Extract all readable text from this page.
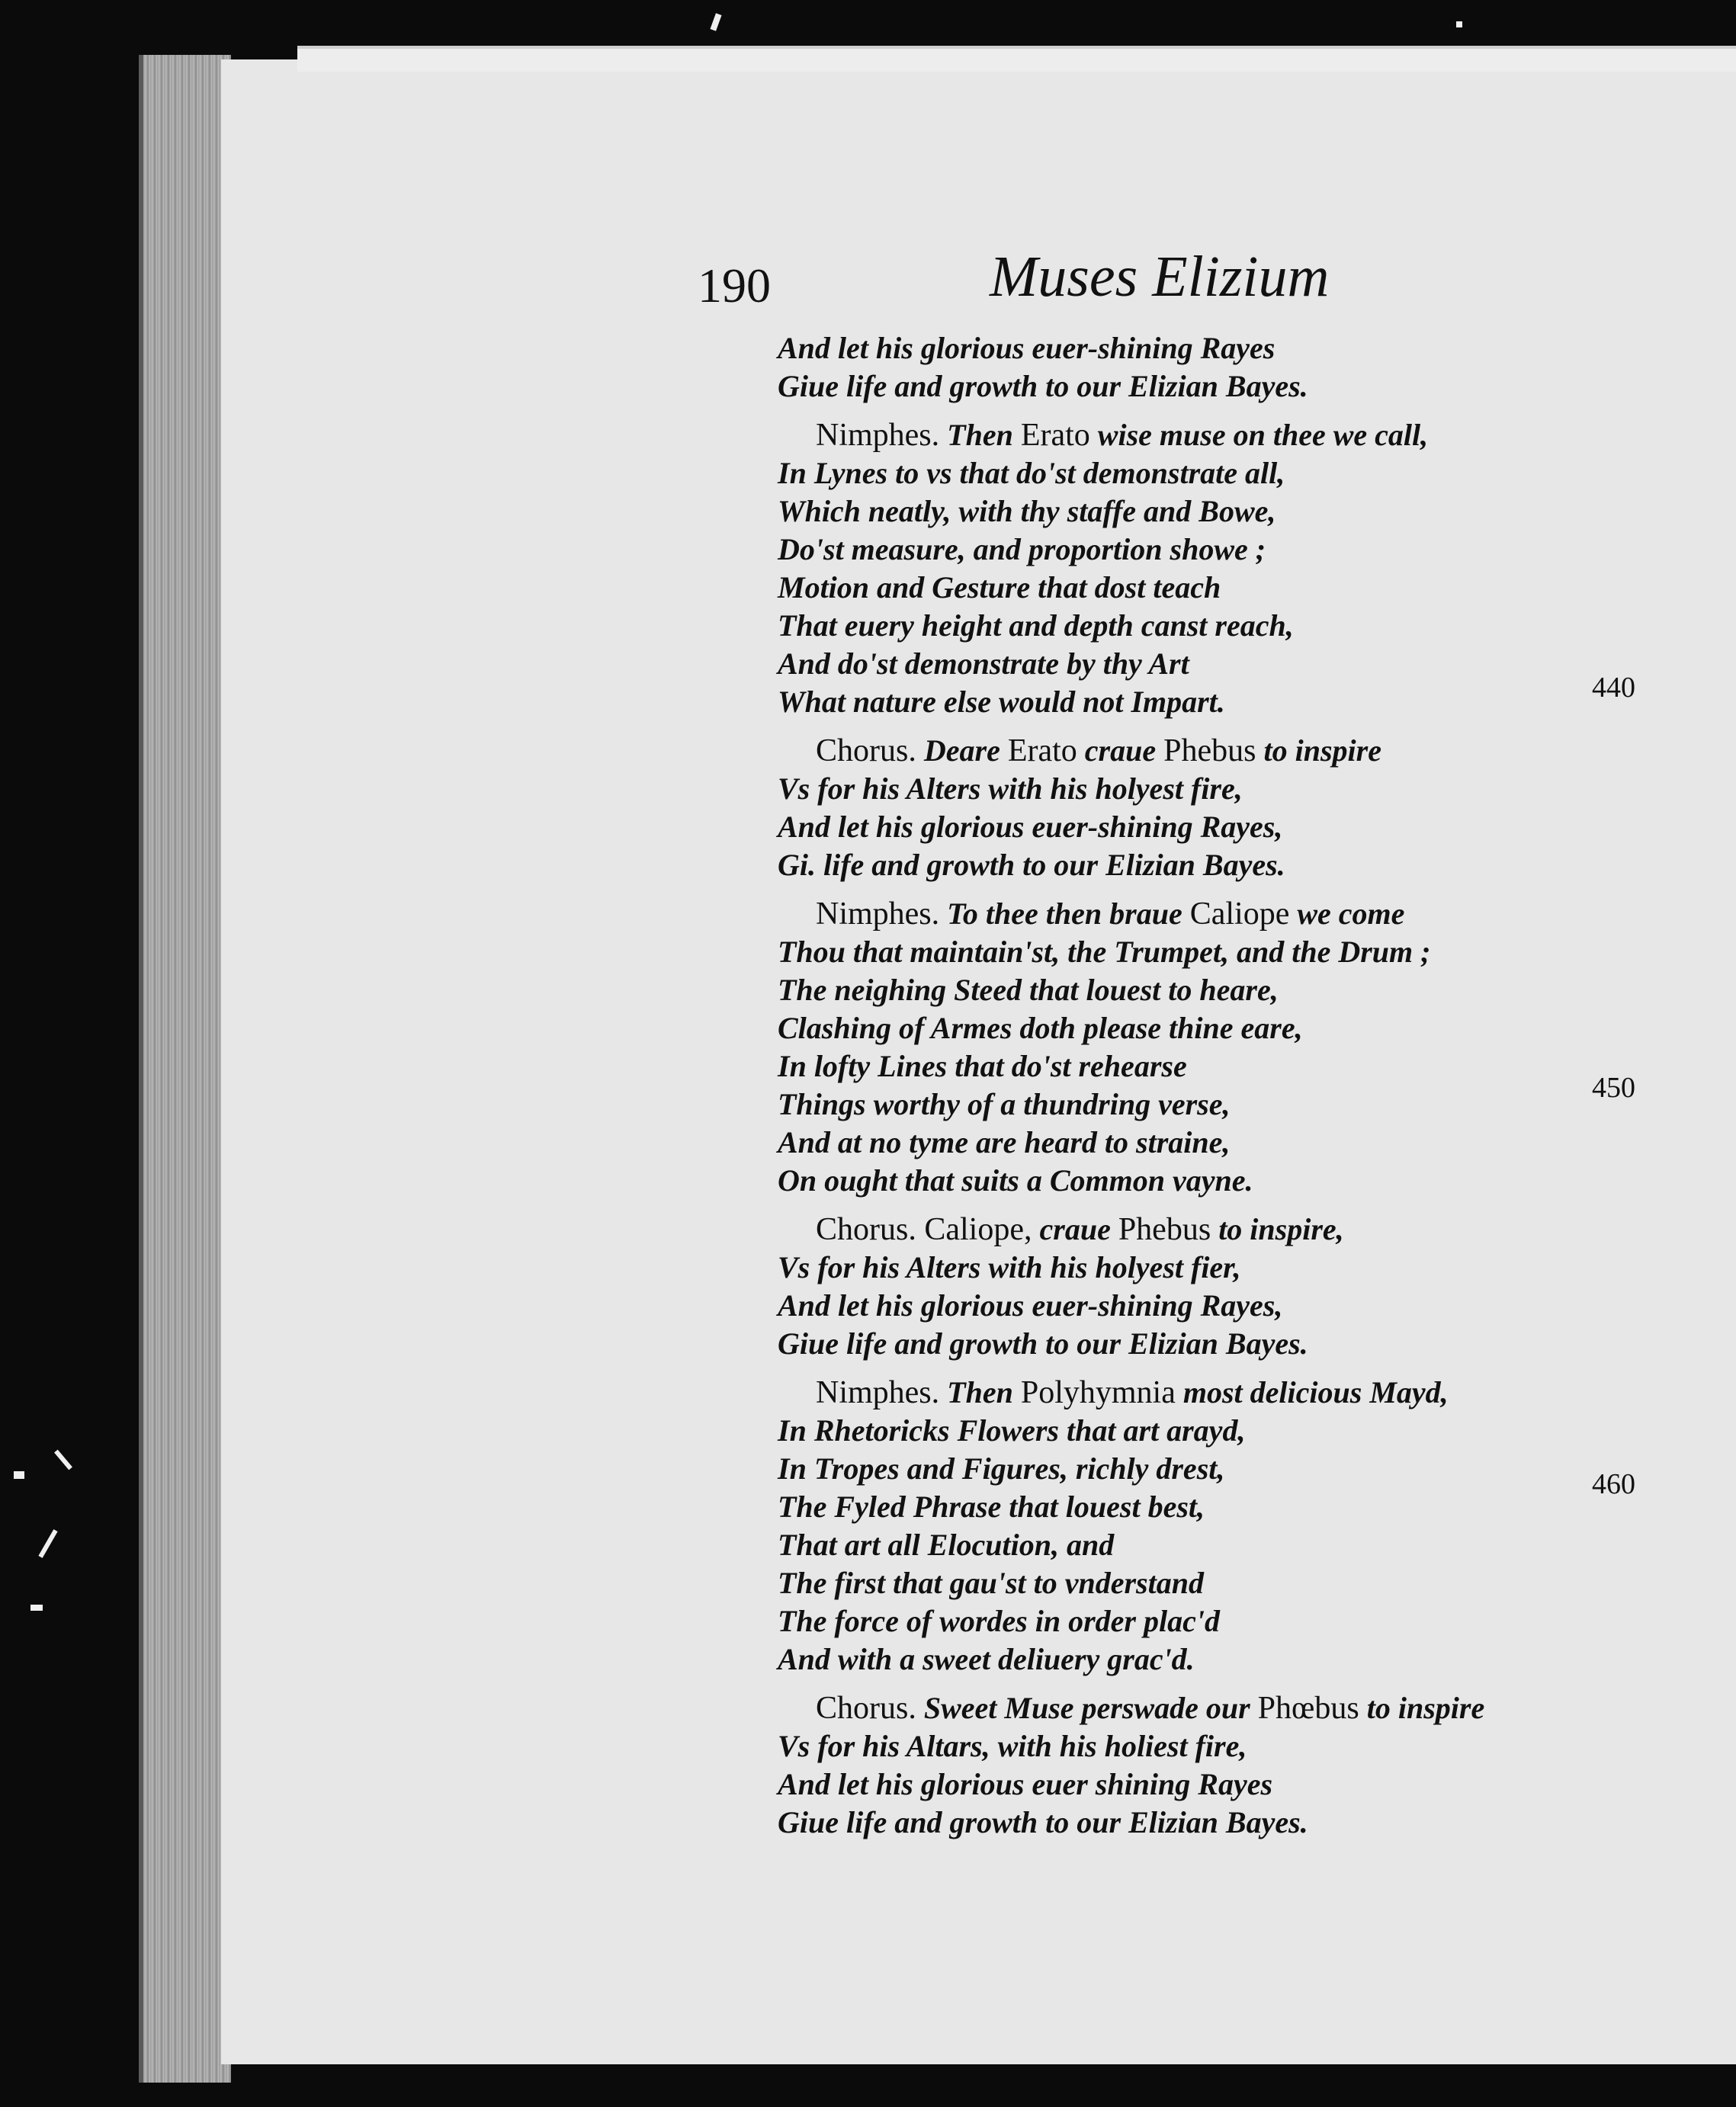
190	Muses Elizium
And let his glorious euer-shining Rayes
Giue life and growth to our Elizian Bayes.
Nimphes. Then Erato wise muse on thee we call,
In Lynes to vs that do'st demonstrate all,
Which neatly, with thy staffe and Bowe,
Do'st measure, and proportion showe ;
Motion and Gesture that dost teach
That euery height and depth canst reach,
And do'st demonstrate by thy Art
What nature else would not Impart.
Chorus. Deare Erato craue Phebus to inspire
Vs for his Alters with his holyest fire,
And let his glorious euer-shining Rayes,
Gi. life and growth to our Elizian Bayes.
Nimphes. To thee then braue Caliope we come
Thou that maintain'st, the Trumpet, and the Drum ;
The neighing Steed that louest to heare,
Clashing of Armes doth please thine eare,
In lofty Lines that do'st rehearse
Things worthy of a thundring verse,
And at no tyme are heard to straine,
On ought that suits a Common vayne.
Chorus. Caliope, craue Phebus to inspire,
Vs for his Alters with his holyest fier,
And let his glorious euer-shining Rayes,
Giue life and growth to our Elizian Bayes.
Nimphes. Then Polyhymnia most delicious Mayd,
In Rhetoricks Flowers that art arayd,
In Tropes and Figures, richly drest,
The Fyled Phrase that louest best,
That art all Elocution, and
The first that gau'st to vnderstand
The force of wordes in order plac'd
And with a sweet deliuery grac'd.
Chorus. Sweet Muse perswade our Phœbus to inspire
Vs for his Altars, with his holiest fire,
And let his glorious euer shining Rayes
Giue life and growth to our Elizian Bayes.
440
450
460
